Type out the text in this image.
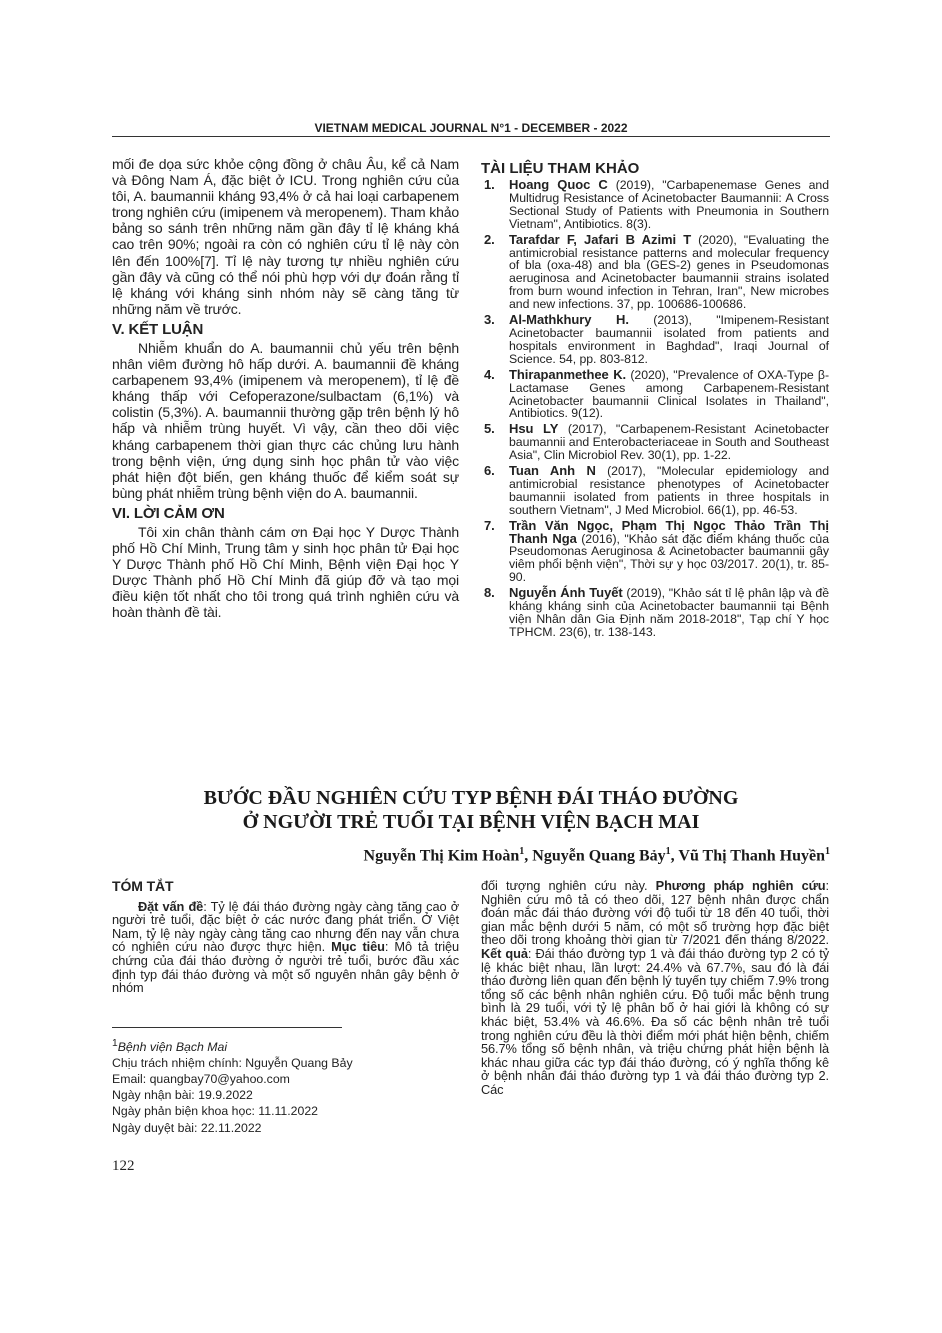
VIETNAM MEDICAL JOURNAL N°1 - DECEMBER - 2022

mối đe dọa sức khỏe cộng đồng ở châu Âu, kể cả Nam và Đông Nam Á, đặc biệt ở ICU. Trong nghiên cứu của tôi, A. baumannii kháng 93,4% ở cả hai loại carbapenem trong nghiên cứu (imipenem và meropenem). Tham khảo bảng so sánh trên những năm gần đây tỉ lệ kháng khá cao trên 90%; ngoài ra còn có nghiên cứu tỉ lệ này còn lên đến 100%[7]. Tỉ lệ này tương tự nhiều nghiên cứu gần đây và cũng có thể nói phù hợp với dự đoán rằng tỉ lệ kháng với kháng sinh nhóm này sẽ càng tăng từ những năm về trước.

V. KẾT LUẬN

Nhiễm khuẩn do A. baumannii chủ yếu trên bệnh nhân viêm đường hô hấp dưới. A. baumannii đề kháng carbapenem 93,4% (imipenem và meropenem), tỉ lệ đề kháng thấp với Cefoperazone/sulbactam (6,1%) và colistin (5,3%). A. baumannii thường gặp trên bệnh lý hô hấp và nhiễm trùng huyết. Vì vậy, cần theo dõi việc kháng carbapenem thời gian thực các chủng lưu hành trong bệnh viện, ứng dụng sinh học phân tử vào việc phát hiện đột biến, gen kháng thuốc để kiểm soát sự bùng phát nhiễm trùng bệnh viện do A. baumannii.

VI. LỜI CẢM ƠN

Tôi xin chân thành cám ơn Đại học Y Dược Thành phố Hồ Chí Minh, Trung tâm y sinh học phân tử Đại học Y Dược Thành phố Hồ Chí Minh, Bệnh viện Đại học Y Dược Thành phố Hồ Chí Minh đã giúp đỡ và tạo mọi điều kiện tốt nhất cho tôi trong quá trình nghiên cứu và hoàn thành đề tài.

TÀI LIỆU THAM KHẢO
1. Hoang Quoc C (2019), "Carbapenemase Genes and Multidrug Resistance of Acinetobacter Baumannii: A Cross Sectional Study of Patients with Pneumonia in Southern Vietnam", Antibiotics. 8(3).
2. Tarafdar F, Jafari B Azimi T (2020), "Evaluating the antimicrobial resistance patterns and molecular frequency of bla (oxa-48) and bla (GES-2) genes in Pseudomonas aeruginosa and Acinetobacter baumannii strains isolated from burn wound infection in Tehran, Iran", New microbes and new infections. 37, pp. 100686-100686.
3. Al-Mathkhury H. (2013), "Imipenem-Resistant Acinetobacter baumannii isolated from patients and hospitals environment in Baghdad", Iraqi Journal of Science. 54, pp. 803-812.
4. Thirapanmethee K. (2020), "Prevalence of OXA-Type β-Lactamase Genes among Carbapenem-Resistant Acinetobacter baumannii Clinical Isolates in Thailand", Antibiotics. 9(12).
5. Hsu LY (2017), "Carbapenem-Resistant Acinetobacter baumannii and Enterobacteriaceae in South and Southeast Asia", Clin Microbiol Rev. 30(1), pp. 1-22.
6. Tuan Anh N (2017), "Molecular epidemiology and antimicrobial resistance phenotypes of Acinetobacter baumannii isolated from patients in three hospitals in southern Vietnam", J Med Microbiol. 66(1), pp. 46-53.
7. Trần Văn Ngọc, Phạm Thị Ngọc Thảo Trần Thị Thanh Nga (2016), "Khảo sát đặc điểm kháng thuốc của Pseudomonas Aeruginosa & Acinetobacter baumannii gây viêm phổi bệnh viện", Thời sự y học 03/2017. 20(1), tr. 85-90.
8. Nguyễn Ánh Tuyết (2019), "Khảo sát tỉ lệ phân lập và đề kháng kháng sinh của Acinetobacter baumannii tại Bệnh viện Nhân dân Gia Định năm 2018-2018", Tạp chí Y học TPHCM. 23(6), tr. 138-143.
BƯỚC ĐẦU NGHIÊN CỨU TYP BỆNH ĐÁI THÁO ĐƯỜNG
Ở NGƯỜI TRẺ TUỔI TẠI BỆNH VIỆN BẠCH MAI
Nguyễn Thị Kim Hoàn$^1$, Nguyễn Quang Bảy$^1$, Vũ Thị Thanh Huyền$^1$
TÓM TẮT

Đặt vấn đề: Tỷ lệ đái tháo đường ngày càng tăng cao ở người trẻ tuổi, đặc biệt ở các nước đang phát triển. Ở Việt Nam, tỷ lệ này ngày càng tăng cao nhưng đến nay vẫn chưa có nghiên cứu nào được thực hiện. Mục tiêu: Mô tả triệu chứng của đái tháo đường ở người trẻ tuổi, bước đầu xác định typ đái tháo đường và một số nguyên nhân gây bệnh ở nhóm

đối tượng nghiên cứu này. Phương pháp nghiên cứu: Nghiên cứu mô tả có theo dõi, 127 bệnh nhân được chẩn đoán mắc đái tháo đường với độ tuổi từ 18 đến 40 tuổi, thời gian mắc bệnh dưới 5 năm, có một số trường hợp đặc biệt theo dõi trong khoảng thời gian từ 7/2021 đến tháng 8/2022. Kết quả: Đái tháo đường typ 1 và đái tháo đường typ 2 có tỷ lệ khác biệt nhau, lần lượt: 24.4% và 67.7%, sau đó là đái tháo đường liên quan đến bệnh lý tuyến tụy chiếm 7.9% trong tổng số các bệnh nhân nghiên cứu. Độ tuổi mắc bệnh trung bình là 29 tuổi, với tỷ lệ phân bố ở hai giới là không có sự khác biệt, 53.4% và 46.6%. Đa số các bệnh nhân trẻ tuổi trong nghiên cứu đều là thời điểm mới phát hiện bệnh, chiếm 56.7% tổng số bệnh nhân, và triệu chứng phát hiện bệnh là khác nhau giữa các typ đái tháo đường, có ý nghĩa thống kê ở bệnh nhân đái tháo đường typ 1 và đái tháo đường typ 2. Các

$^1$Bệnh viện Bạch Mai
Chịu trách nhiệm chính: Nguyễn Quang Bảy
Email: quangbay70@yahoo.com
Ngày nhận bài: 19.9.2022
Ngày phản biện khoa học: 11.11.2022
Ngày duyệt bài: 22.11.2022
122
